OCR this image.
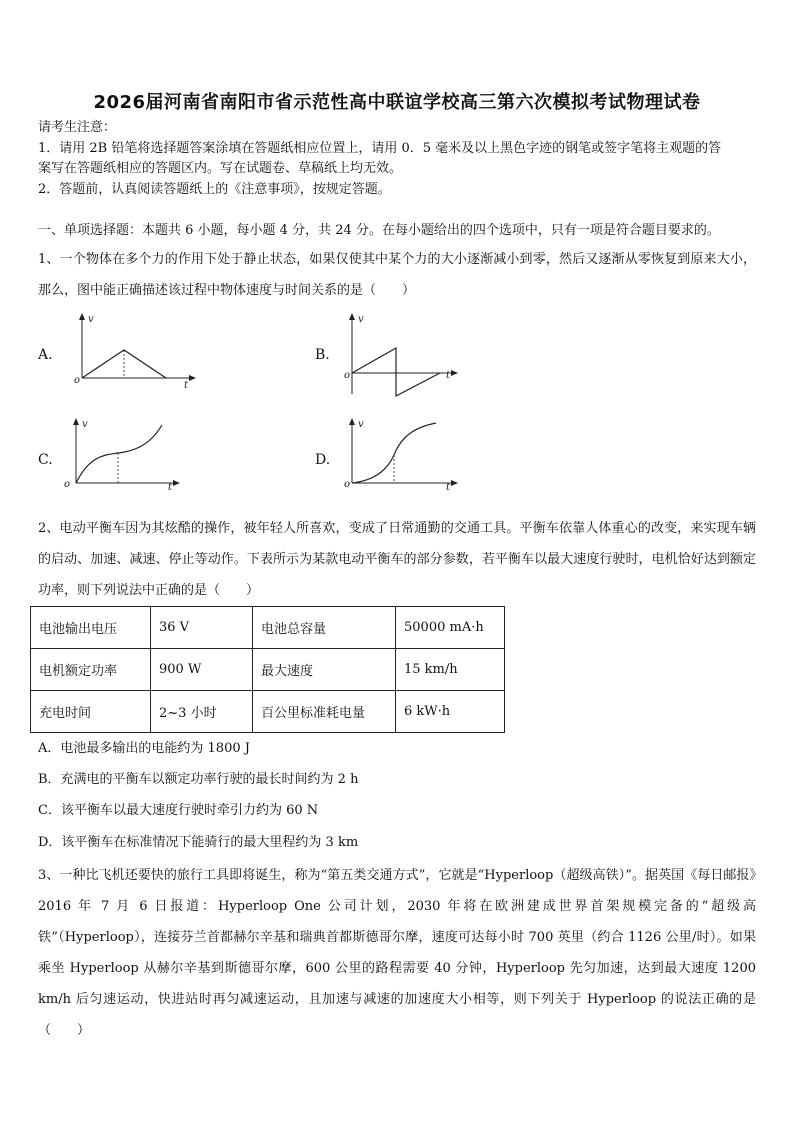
2026届河南省南阳市省示范性高中联谊学校高三第六次模拟考试物理试卷
请考生注意：
1．请用 2B 铅笔将选择题答案涂填在答题纸相应位置上，请用 0．5 毫米及以上黑色字迹的钢笔或签字笔将主观题的答
案写在答题纸相应的答题区内。写在试题卷、草稿纸上均无效。
2．答题前，认真阅读答题纸上的《注意事项》，按规定答题。
一、单项选择题：本题共 6 小题，每小题 4 分，共 24 分。在每小题给出的四个选项中，只有一项是符合题目要求的。
1、一个物体在多个力的作用下处于静止状态，如果仅使其中某个力的大小逐渐减小到零，然后又逐渐从零恢复到原来大小，那么，图中能正确描述该过程中物体速度与时间关系的是（　　）
A.
v
o	t
B.
v
o	t
C.
v
o	t
D.
v
o	t
2、电动平衡车因为其炫酷的操作，被年轻人所喜欢，变成了日常通勤的交通工具。平衡车依靠人体重心的改变，来实现车辆的启动、加速、减速、停止等动作。下表所示为某款电动平衡车的部分参数，若平衡车以最大速度行驶时，电机恰好达到额定功率，则下列说法中正确的是（　　）
电池输出电压	36 V	电池总容量	50000 mA·h
电机额定功率	900 W	最大速度	15 km/h
充电时间	2~3 小时	百公里标准耗电量	6 kW·h
A．电池最多输出的电能约为 1800 J
B．充满电的平衡车以额定功率行驶的最长时间约为 2 h
C．该平衡车以最大速度行驶时牵引力约为 60 N
D．该平衡车在标准情况下能骑行的最大里程约为 3 km
3、一种比飞机还要快的旅行工具即将诞生，称为“第五类交通方式”，它就是“Hyperloop（超级高铁）”。据英国《每日邮报》2016 年 7 月 6 日报道：Hyperloop One 公司计划，2030 年将在欧洲建成世界首架规模完备的“超级高铁”（Hyperloop），连接芬兰首都赫尔辛基和瑞典首都斯德哥尔摩，速度可达每小时 700 英里（约合 1126 公里/时）。如果乘坐 Hyperloop 从赫尔辛基到斯德哥尔摩，600 公里的路程需要 40 分钟，Hyperloop 先匀加速，达到最大速度 1200 km/h 后匀速运动，快进站时再匀减速运动，且加速与减速的加速度大小相等，则下列关于 Hyperloop 的说法正确的是（　　）
